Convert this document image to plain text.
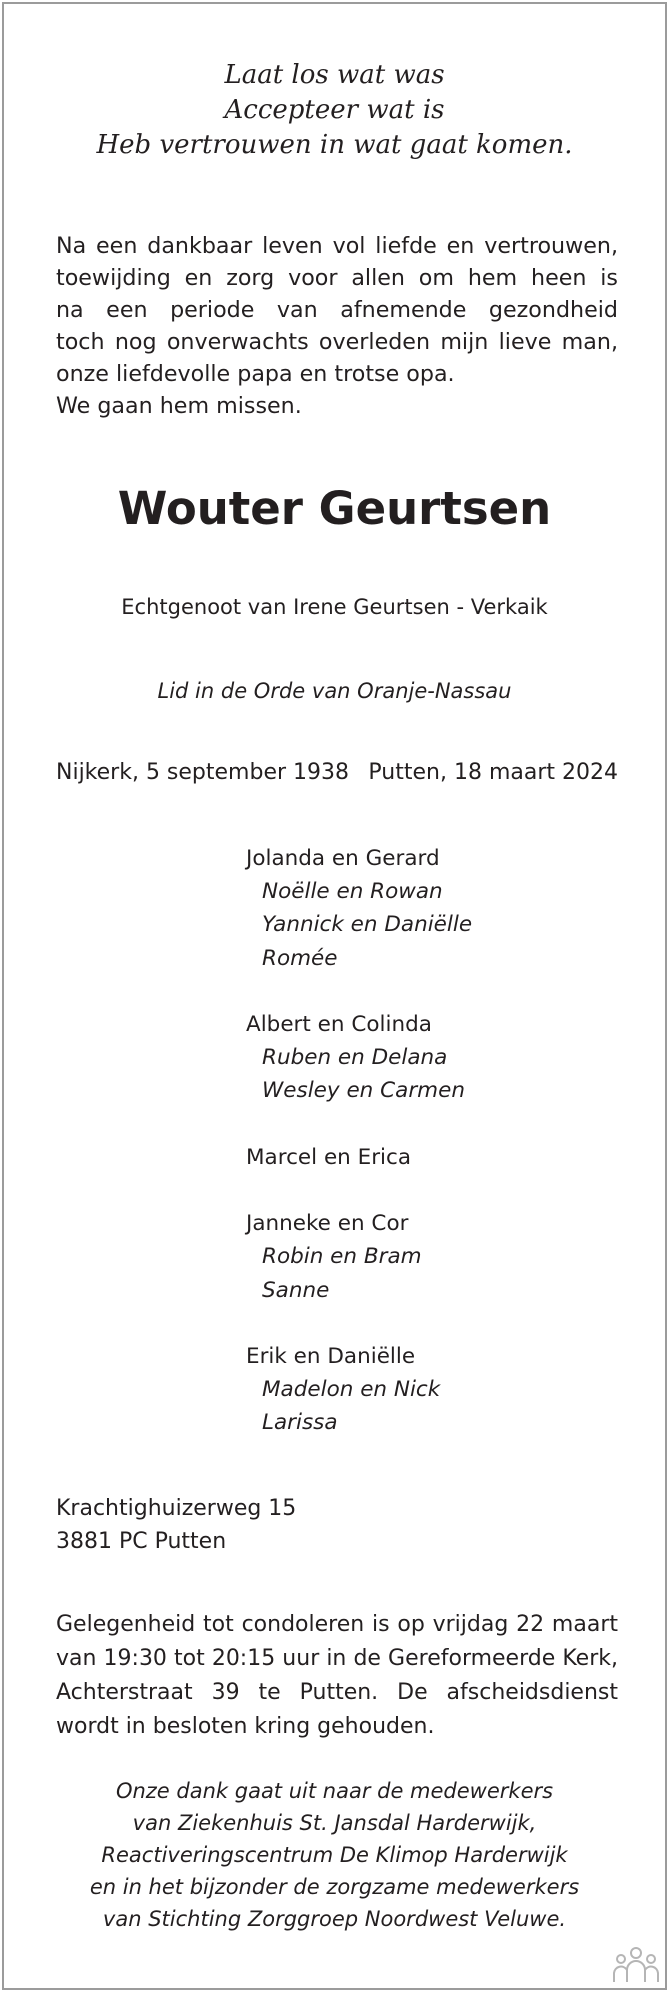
Laat los wat was
Accepteer wat is
Heb vertrouwen in wat gaat komen.
Na een dankbaar leven vol liefde en vertrouwen,
toewijding en zorg voor allen om hem heen is
na een periode van afnemende gezondheid
toch nog onverwachts overleden mijn lieve man,
onze liefdevolle papa en trotse opa.
We gaan hem missen.
Wouter Geurtsen
Echtgenoot van Irene Geurtsen - Verkaik
Lid in de Orde van Oranje-Nassau
Nijkerk, 5 september 1938 Putten, 18 maart 2024
Jolanda en Gerard
Noëlle en Rowan
Yannick en Daniëlle
Romée
Albert en Colinda
Ruben en Delana
Wesley en Carmen
Marcel en Erica
Janneke en Cor
Robin en Bram
Sanne
Erik en Daniëlle
Madelon en Nick
Larissa
Krachtighuizerweg 15
3881 PC Putten
Gelegenheid tot condoleren is op vrijdag 22 maart
van 19:30 tot 20:15 uur in de Gereformeerde Kerk,
Achterstraat 39 te Putten. De afscheidsdienst
wordt in besloten kring gehouden.
Onze dank gaat uit naar de medewerkers
van Ziekenhuis St. Jansdal Harderwijk,
Reactiveringscentrum De Klimop Harderwijk
en in het bijzonder de zorgzame medewerkers
van Stichting Zorggroep Noordwest Veluwe.
